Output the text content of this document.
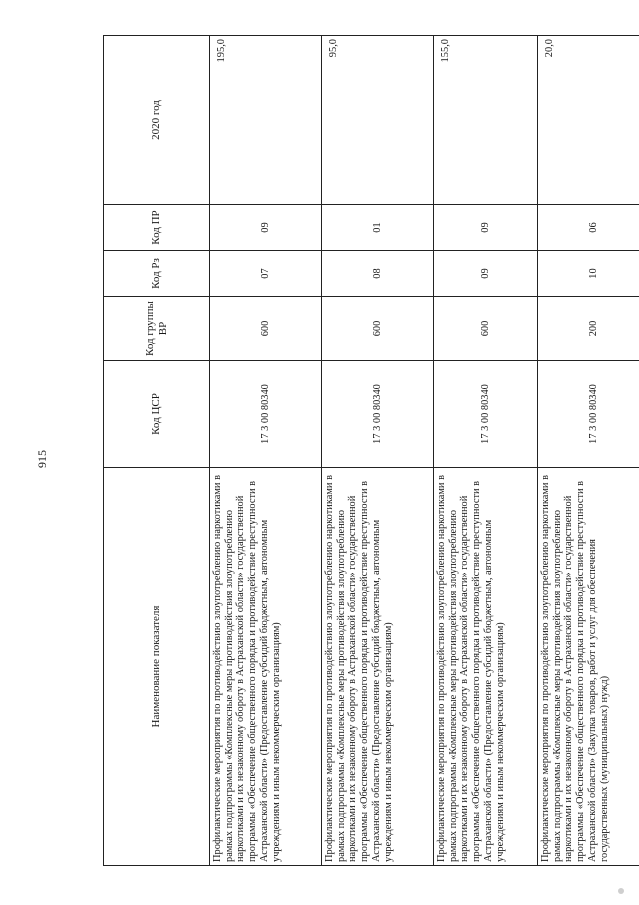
915
Наименование показателя	Код ЦСР	Код группы ВР	Код Рз	Код ПР	2020 год
Профилактические мероприятия по противодействию злоупотреблению наркотиками в рамках подпрограммы «Комплексные меры противодействия злоупотреблению наркотиками и их незаконному обороту в Астраханской области» государственной программы «Обеспечение общественного порядка и противодействие преступности в Астраханской области» (Предоставление субсидий бюджетным, автономным учреждениям и иным некоммерческим организациям)	17 3 00 80340	600	07	09	195,0
Профилактические мероприятия по противодействию злоупотреблению наркотиками в рамках подпрограммы «Комплексные меры противодействия злоупотреблению наркотиками и их незаконному обороту в Астраханской области» государственной программы «Обеспечение общественного порядка и противодействие преступности в Астраханской области» (Предоставление субсидий бюджетным, автономным учреждениям и иным некоммерческим организациям)	17 3 00 80340	600	08	01	95,0
Профилактические мероприятия по противодействию злоупотреблению наркотиками в рамках подпрограммы «Комплексные меры противодействия злоупотреблению наркотиками и их незаконному обороту в Астраханской области» государственной программы «Обеспечение общественного порядка и противодействие преступности в Астраханской области» (Предоставление субсидий бюджетным, автономным учреждениям и иным некоммерческим организациям)	17 3 00 80340	600	09	09	155,0
Профилактические мероприятия по противодействию злоупотреблению наркотиками в рамках подпрограммы «Комплексные меры противодействия злоупотреблению наркотиками и их незаконному обороту в Астраханской области» государственной программы «Обеспечение общественного порядка и противодействие преступности в Астраханской области» (Закупка товаров, работ и услуг для обеспечения государственных (муниципальных) нужд)	17 3 00 80340	200	10	06	20,0
